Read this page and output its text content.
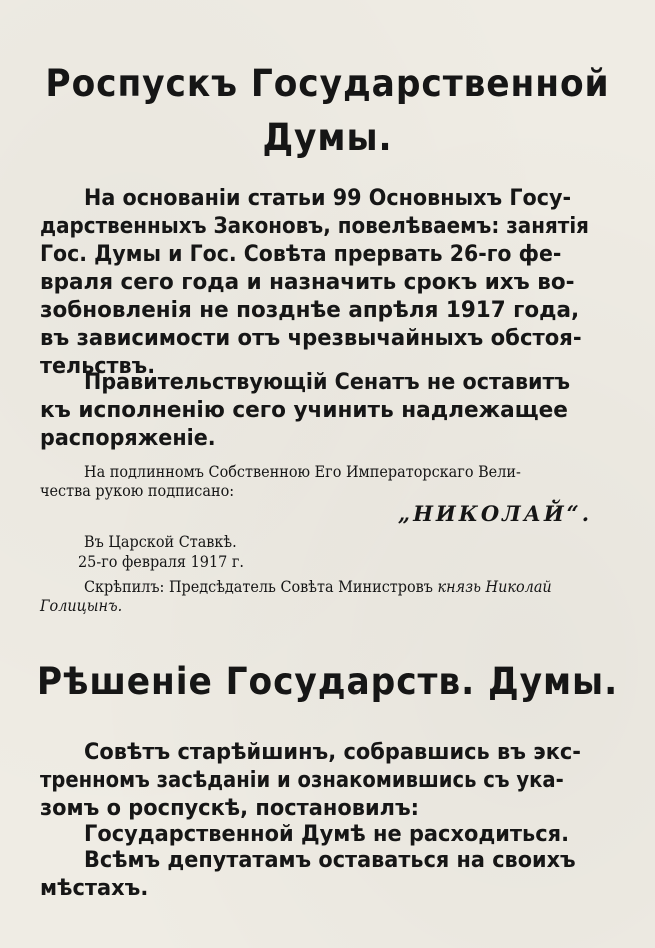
Роспускъ Государственной
Думы.
На основаніи статьи 99 Основныхъ Госу-
дарственныхъ Законовъ, повелѣваемъ: занятія
Гос. Думы и Гос. Совѣта прервать 26-го фе-
враля сего года и назначить срокъ ихъ во-
зобновленія не позднѣе апрѣля 1917 года,
въ зависимости отъ чрезвычайныхъ обстоя-
тельствъ.
Правительствующій Сенатъ не оставитъ
къ исполненію сего учинить надлежащее
распоряженіе.
На подлинномъ Собственною Его Императорскаго Вели-
чества рукою подписано:
„НИКОЛАЙ“.
Въ Царской Ставкѣ.
25-го февраля 1917 г.
Скрѣпилъ: Предсѣдатель Совѣта Министровъ князь Николай
Голицынъ.
Рѣшеніе Государств. Думы.
Совѣтъ старѣйшинъ, собравшись въ экс-
тренномъ засѣданіи и ознакомившись съ ука-
зомъ о роспускѣ, постановилъ:
Государственной Думѣ не расходиться.
Всѣмъ депутатамъ оставаться на своихъ
мѣстахъ.
